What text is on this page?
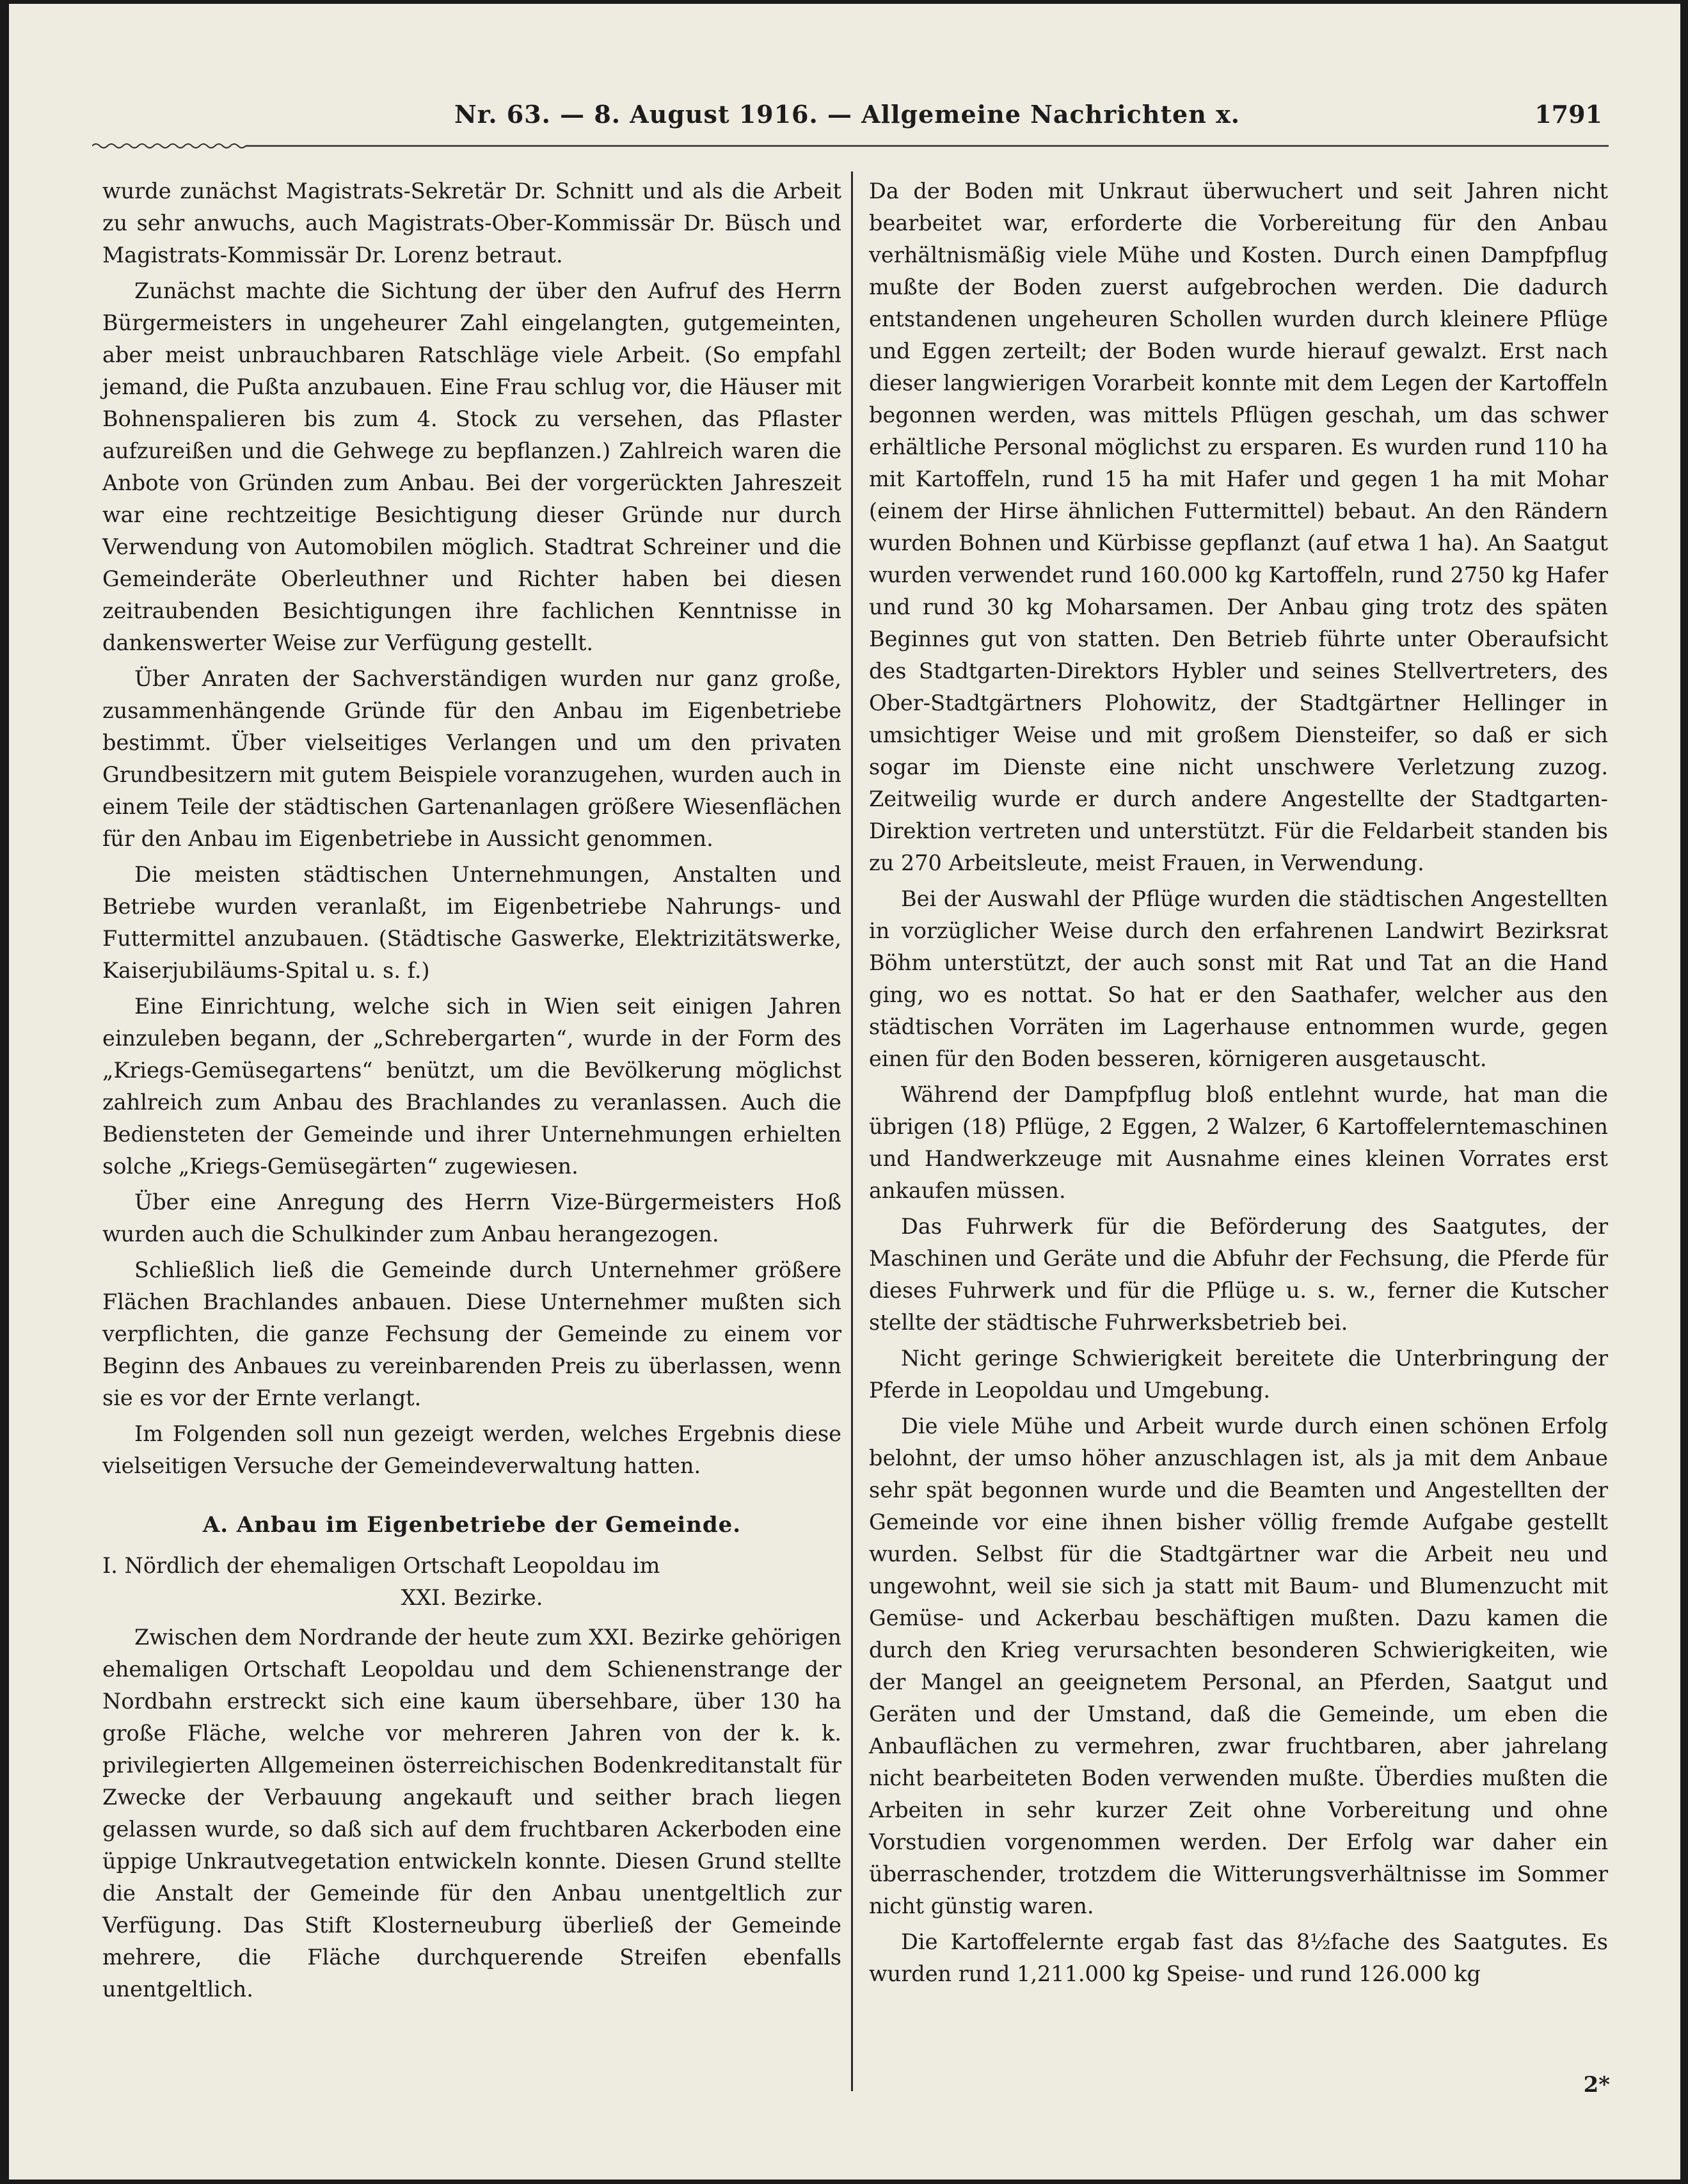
Nr. 63. — 8. August 1916. — Allgemeine Nachrichten x.	1791

wurde zunächst Magistrats-Sekretär Dr. Schnitt und als die Arbeit zu sehr anwuchs, auch Magistrats-Ober-Kommissär Dr. Büsch und Magistrats-Kommissär Dr. Lorenz betraut.

Zunächst machte die Sichtung der über den Aufruf des Herrn Bürgermeisters in ungeheurer Zahl eingelangten, gutgemeinten, aber meist unbrauchbaren Ratschläge viele Arbeit. (So empfahl jemand, die Pußta anzubauen. Eine Frau schlug vor, die Häuser mit Bohnenspalieren bis zum 4. Stock zu versehen, das Pflaster aufzureißen und die Gehwege zu bepflanzen.) Zahlreich waren die Anbote von Gründen zum Anbau. Bei der vorgerückten Jahreszeit war eine rechtzeitige Besichtigung dieser Gründe nur durch Verwendung von Automobilen möglich. Stadtrat Schreiner und die Gemeinderäte Oberleuthner und Richter haben bei diesen zeitraubenden Besichtigungen ihre fachlichen Kenntnisse in dankenswerter Weise zur Verfügung gestellt.

Über Anraten der Sachverständigen wurden nur ganz große, zusammenhängende Gründe für den Anbau im Eigenbetriebe bestimmt. Über vielseitiges Verlangen und um den privaten Grundbesitzern mit gutem Beispiele voranzugehen, wurden auch in einem Teile der städtischen Gartenanlagen größere Wiesenflächen für den Anbau im Eigenbetriebe in Aussicht genommen.

Die meisten städtischen Unternehmungen, Anstalten und Betriebe wurden veranlaßt, im Eigenbetriebe Nahrungs- und Futtermittel anzubauen. (Städtische Gaswerke, Elektrizitätswerke, Kaiserjubiläums-Spital u. s. f.)

Eine Einrichtung, welche sich in Wien seit einigen Jahren einzuleben begann, der „Schrebergarten“, wurde in der Form des „Kriegs-Gemüsegartens“ benützt, um die Bevölkerung möglichst zahlreich zum Anbau des Brachlandes zu veranlassen. Auch die Bediensteten der Gemeinde und ihrer Unternehmungen erhielten solche „Kriegs-Gemüsegärten“ zugewiesen.

Über eine Anregung des Herrn Vize-Bürgermeisters Hoß wurden auch die Schulkinder zum Anbau herangezogen.

Schließlich ließ die Gemeinde durch Unternehmer größere Flächen Brachlandes anbauen. Diese Unternehmer mußten sich verpflichten, die ganze Fechsung der Gemeinde zu einem vor Beginn des Anbaues zu vereinbarenden Preis zu überlassen, wenn sie es vor der Ernte verlangt.

Im Folgenden soll nun gezeigt werden, welches Ergebnis diese vielseitigen Versuche der Gemeindeverwaltung hatten.

A. Anbau im Eigenbetriebe der Gemeinde.
I. Nördlich der ehemaligen Ortschaft Leopoldau im
XXI. Bezirke.

Zwischen dem Nordrande der heute zum XXI. Bezirke gehörigen ehemaligen Ortschaft Leopoldau und dem Schienenstrange der Nordbahn erstreckt sich eine kaum übersehbare, über 130 ha große Fläche, welche vor mehreren Jahren von der k. k. privilegierten Allgemeinen österreichischen Bodenkreditanstalt für Zwecke der Verbauung angekauft und seither brach liegen gelassen wurde, so daß sich auf dem fruchtbaren Ackerboden eine üppige Unkrautvegetation entwickeln konnte. Diesen Grund stellte die Anstalt der Gemeinde für den Anbau unentgeltlich zur Verfügung. Das Stift Klosterneuburg überließ der Gemeinde mehrere, die Fläche durchquerende Streifen ebenfalls unentgeltlich.

Da der Boden mit Unkraut überwuchert und seit Jahren nicht bearbeitet war, erforderte die Vorbereitung für den Anbau verhältnismäßig viele Mühe und Kosten. Durch einen Dampfpflug mußte der Boden zuerst aufgebrochen werden. Die dadurch entstandenen ungeheuren Schollen wurden durch kleinere Pflüge und Eggen zerteilt; der Boden wurde hierauf gewalzt. Erst nach dieser langwierigen Vorarbeit konnte mit dem Legen der Kartoffeln begonnen werden, was mittels Pflügen geschah, um das schwer erhältliche Personal möglichst zu ersparen. Es wurden rund 110 ha mit Kartoffeln, rund 15 ha mit Hafer und gegen 1 ha mit Mohar (einem der Hirse ähnlichen Futtermittel) bebaut. An den Rändern wurden Bohnen und Kürbisse gepflanzt (auf etwa 1 ha). An Saatgut wurden verwendet rund 160.000 kg Kartoffeln, rund 2750 kg Hafer und rund 30 kg Moharsamen. Der Anbau ging trotz des späten Beginnes gut von statten. Den Betrieb führte unter Oberaufsicht des Stadtgarten-Direktors Hybler und seines Stellvertreters, des Ober-Stadtgärtners Plohowitz, der Stadtgärtner Hellinger in umsichtiger Weise und mit großem Diensteifer, so daß er sich sogar im Dienste eine nicht unschwere Verletzung zuzog. Zeitweilig wurde er durch andere Angestellte der Stadtgarten-Direktion vertreten und unterstützt. Für die Feldarbeit standen bis zu 270 Arbeitsleute, meist Frauen, in Verwendung.

Bei der Auswahl der Pflüge wurden die städtischen Angestellten in vorzüglicher Weise durch den erfahrenen Landwirt Bezirksrat Böhm unterstützt, der auch sonst mit Rat und Tat an die Hand ging, wo es nottat. So hat er den Saathafer, welcher aus den städtischen Vorräten im Lagerhause entnommen wurde, gegen einen für den Boden besseren, körnigeren ausgetauscht.

Während der Dampfpflug bloß entlehnt wurde, hat man die übrigen (18) Pflüge, 2 Eggen, 2 Walzer, 6 Kartoffelerntemaschinen und Handwerkzeuge mit Ausnahme eines kleinen Vorrates erst ankaufen müssen.

Das Fuhrwerk für die Beförderung des Saatgutes, der Maschinen und Geräte und die Abfuhr der Fechsung, die Pferde für dieses Fuhrwerk und für die Pflüge u. s. w., ferner die Kutscher stellte der städtische Fuhrwerksbetrieb bei.

Nicht geringe Schwierigkeit bereitete die Unterbringung der Pferde in Leopoldau und Umgebung.

Die viele Mühe und Arbeit wurde durch einen schönen Erfolg belohnt, der umso höher anzuschlagen ist, als ja mit dem Anbaue sehr spät begonnen wurde und die Beamten und Angestellten der Gemeinde vor eine ihnen bisher völlig fremde Aufgabe gestellt wurden. Selbst für die Stadtgärtner war die Arbeit neu und ungewohnt, weil sie sich ja statt mit Baum- und Blumenzucht mit Gemüse- und Ackerbau beschäftigen mußten. Dazu kamen die durch den Krieg verursachten besonderen Schwierigkeiten, wie der Mangel an geeignetem Personal, an Pferden, Saatgut und Geräten und der Umstand, daß die Gemeinde, um eben die Anbauflächen zu vermehren, zwar fruchtbaren, aber jahrelang nicht bearbeiteten Boden verwenden mußte. Überdies mußten die Arbeiten in sehr kurzer Zeit ohne Vorbereitung und ohne Vorstudien vorgenommen werden. Der Erfolg war daher ein überraschender, trotzdem die Witterungsverhältnisse im Sommer nicht günstig waren.

Die Kartoffelernte ergab fast das 8½fache des Saatgutes. Es wurden rund 1,211.000 kg Speise- und rund 126.000 kg

2*
